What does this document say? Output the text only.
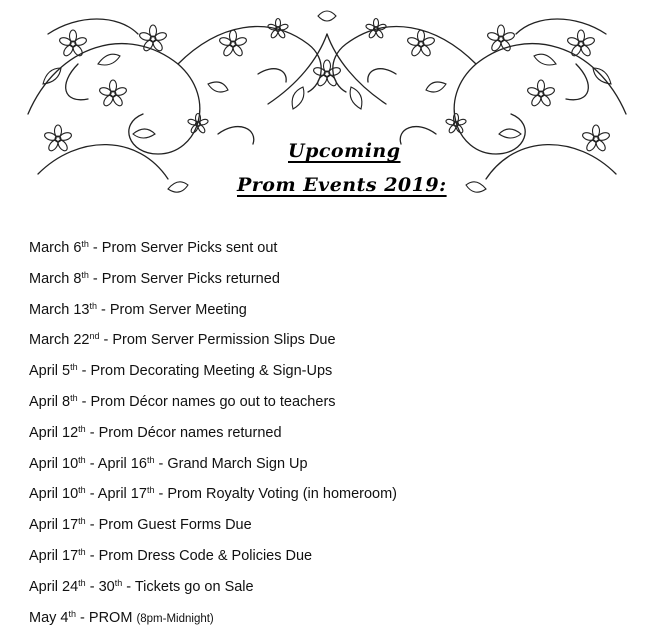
Upcoming
Prom Events 2019:
March 6th - Prom Server Picks sent out
March 8th - Prom Server Picks returned
March 13th - Prom Server Meeting
March 22nd - Prom Server Permission Slips Due
April 5th - Prom Decorating Meeting & Sign-Ups
April 8th - Prom Décor names go out to teachers
April 12th - Prom Décor names returned
April 10th - April 16th - Grand March Sign Up
April 10th - April 17th - Prom Royalty Voting (in homeroom)
April 17th - Prom Guest Forms Due
April 17th - Prom Dress Code & Policies Due
April 24th - 30th - Tickets go on Sale
May 4th - PROM (8pm-Midnight)
